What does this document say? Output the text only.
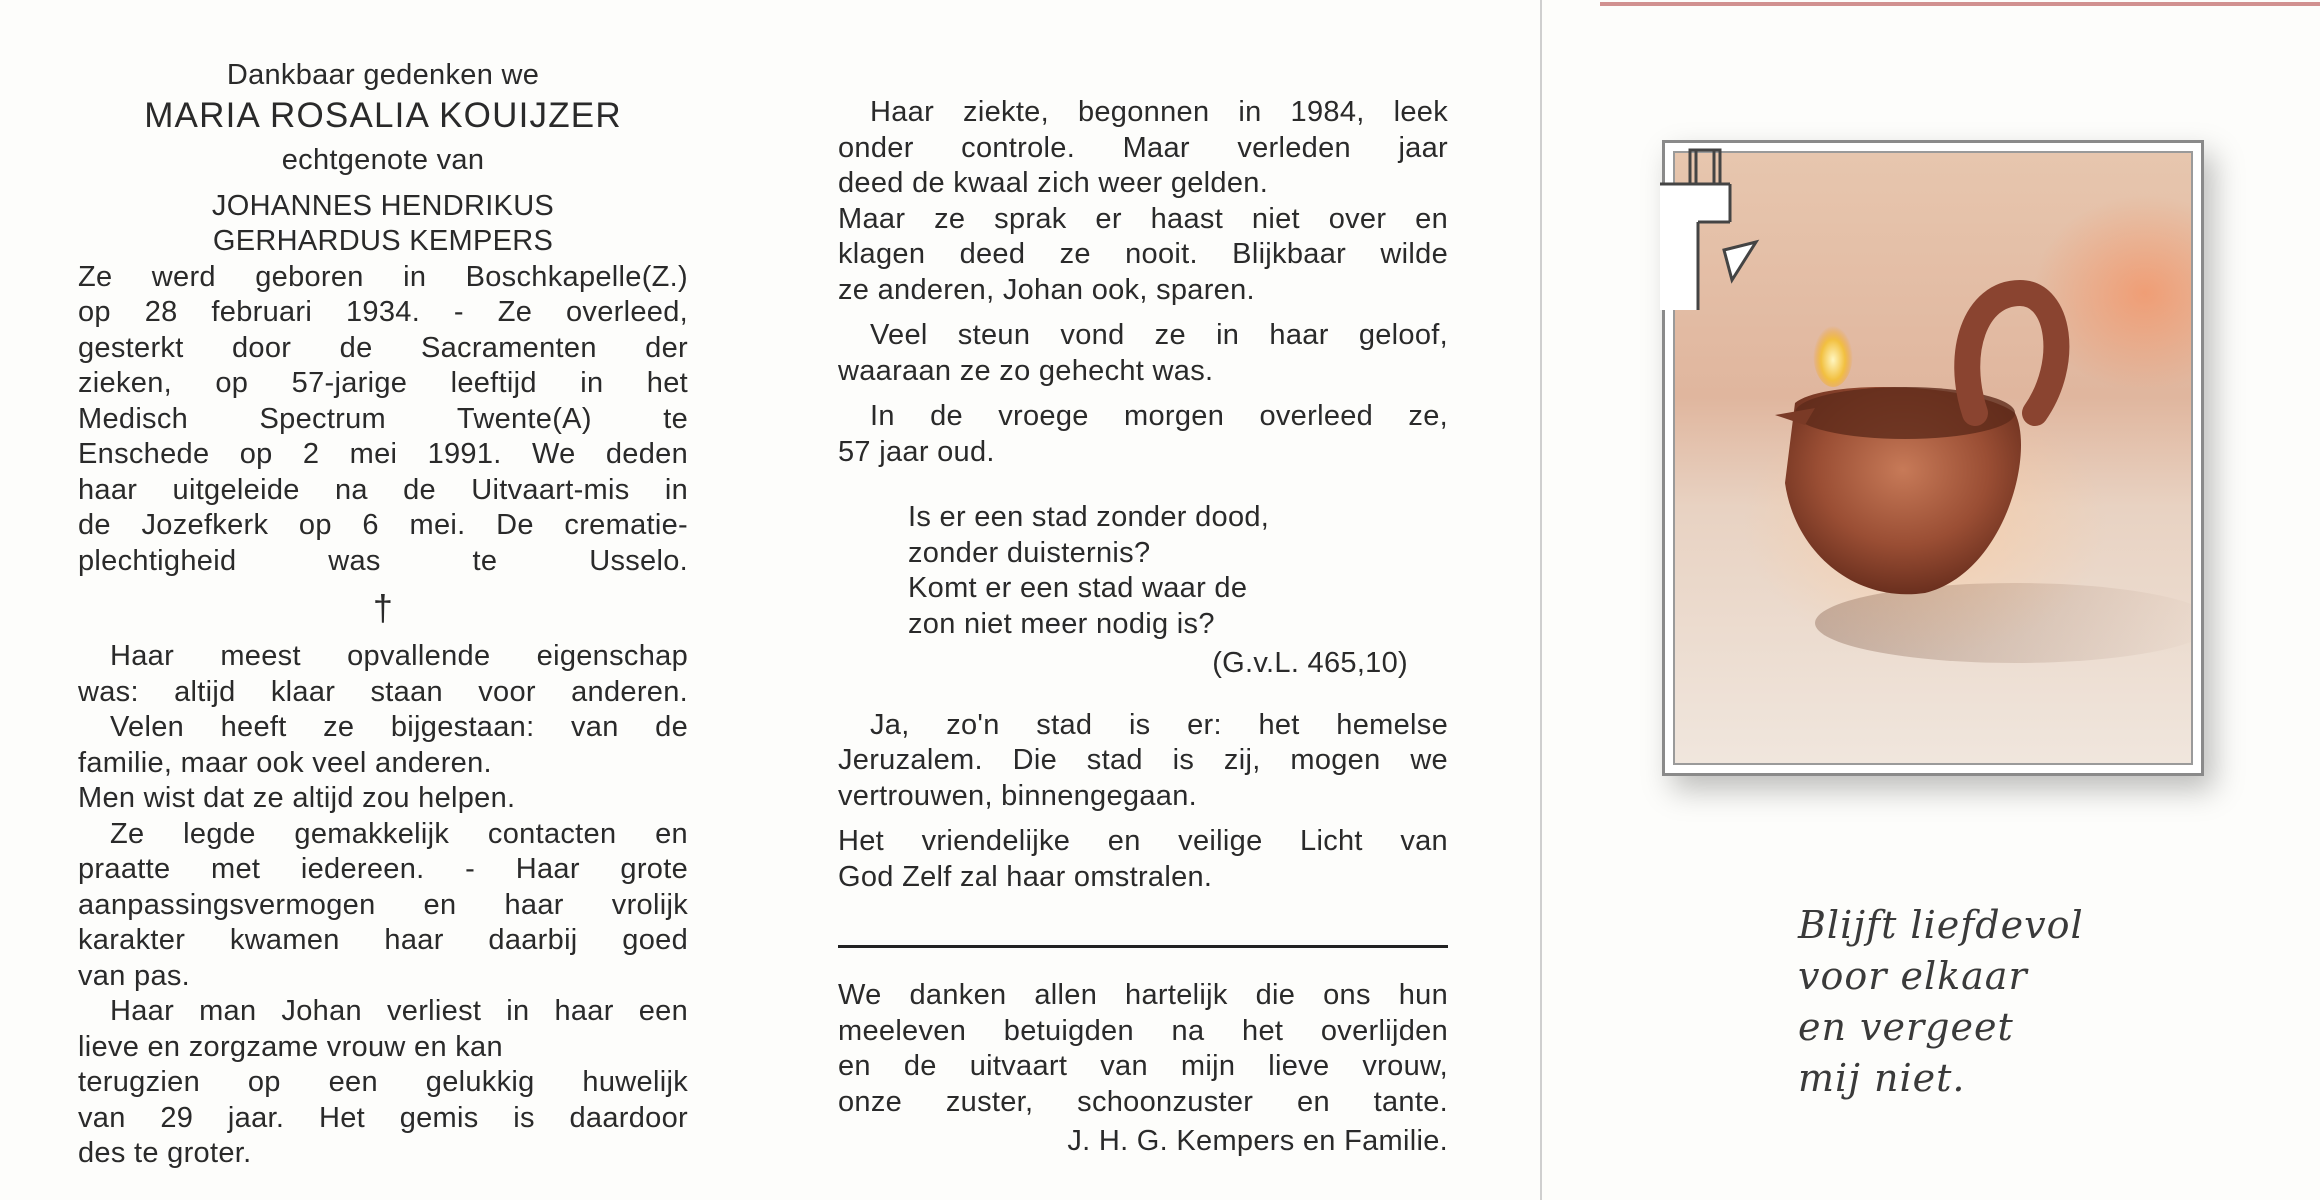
Dankbaar gedenken we
MARIA ROSALIA KOUIJZER
echtgenote van
JOHANNES HENDRIKUS
GERHARDUS KEMPERS
Ze werd geboren in Boschkapelle(Z.)
op 28 februari 1934. - Ze overleed,
gesterkt door de Sacramenten der
zieken, op 57-jarige leeftijd in het
Medisch Spectrum Twente(A) te
Enschede op 2 mei 1991. We deden
haar uitgeleide na de Uitvaart-mis in
de Jozefkerk op 6 mei. De crematie-
plechtigheid was te Usselo.
†
Haar meest opvallende eigenschap
was: altijd klaar staan voor anderen.
Velen heeft ze bijgestaan: van de
familie, maar ook veel anderen.
Men wist dat ze altijd zou helpen.
Ze legde gemakkelijk contacten en
praatte met iedereen. - Haar grote
aanpassingsvermogen en haar vrolijk
karakter kwamen haar daarbij goed
van pas.
Haar man Johan verliest in haar een
lieve en zorgzame vrouw en kan
terugzien op een gelukkig huwelijk
van 29 jaar. Het gemis is daardoor
des te groter.
Haar ziekte, begonnen in 1984, leek
onder controle. Maar verleden jaar
deed de kwaal zich weer gelden.
Maar ze sprak er haast niet over en
klagen deed ze nooit. Blijkbaar wilde
ze anderen, Johan ook, sparen.
Veel steun vond ze in haar geloof,
waaraan ze zo gehecht was.
In de vroege morgen overleed ze,
57 jaar oud.
Is er een stad zonder dood,
zonder duisternis?
Komt er een stad waar de
zon niet meer nodig is?
(G.v.L. 465,10)
Ja, zo'n stad is er: het hemelse
Jeruzalem. Die stad is zij, mogen we
vertrouwen, binnengegaan.
Het vriendelijke en veilige Licht van
God Zelf zal haar omstralen.
We danken allen hartelijk die ons hun
meeleven betuigden na het overlijden
en de uitvaart van mijn lieve vrouw,
onze zuster, schoonzuster en tante.
J. H. G. Kempers en Familie.
Blijft liefdevol
voor elkaar
en vergeet
mij niet.
